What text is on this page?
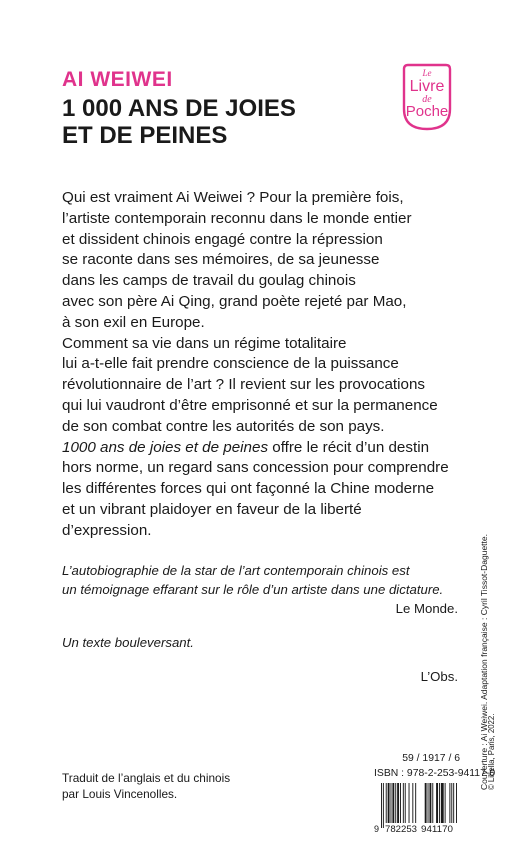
AI WEIWEI
1 000 ANS DE JOIES
ET DE PEINES
Le
Livre
de
Poche
Qui est vraiment Ai Weiwei ? Pour la première fois,
l’artiste contemporain reconnu dans le monde entier
et dissident chinois engagé contre la répression
se raconte dans ses mémoires, de sa jeunesse
dans les camps de travail du goulag chinois
avec son père Ai Qing, grand poète rejeté par Mao,
à son exil en Europe.
Comment sa vie dans un régime totalitaire
lui a-t-elle fait prendre conscience de la puissance
révolutionnaire de l’art ? Il revient sur les provocations
qui lui vaudront d’être emprisonné et sur la permanence
de son combat contre les autorités de son pays.
1000 ans de joies et de peines offre le récit d’un destin
hors norme, un regard sans concession pour comprendre
les différentes forces qui ont façonné la Chine moderne
et un vibrant plaidoyer en faveur de la liberté
d’expression.
L’autobiographie de la star de l’art contemporain chinois est
un témoignage effarant sur le rôle d’un artiste dans une dictature.
Le Monde.
Un texte bouleversant.
L’Obs.	Couverture : Ai Weiwei. Adaptation française : Cyril Tissot-Daguette.
© Libella, Paris, 2022.
59 / 1917 / 6
ISBN : 978-2-253-94117-0
Traduit de l’anglais et du chinois
par Louis Vincenolles.
9 782253 941170
